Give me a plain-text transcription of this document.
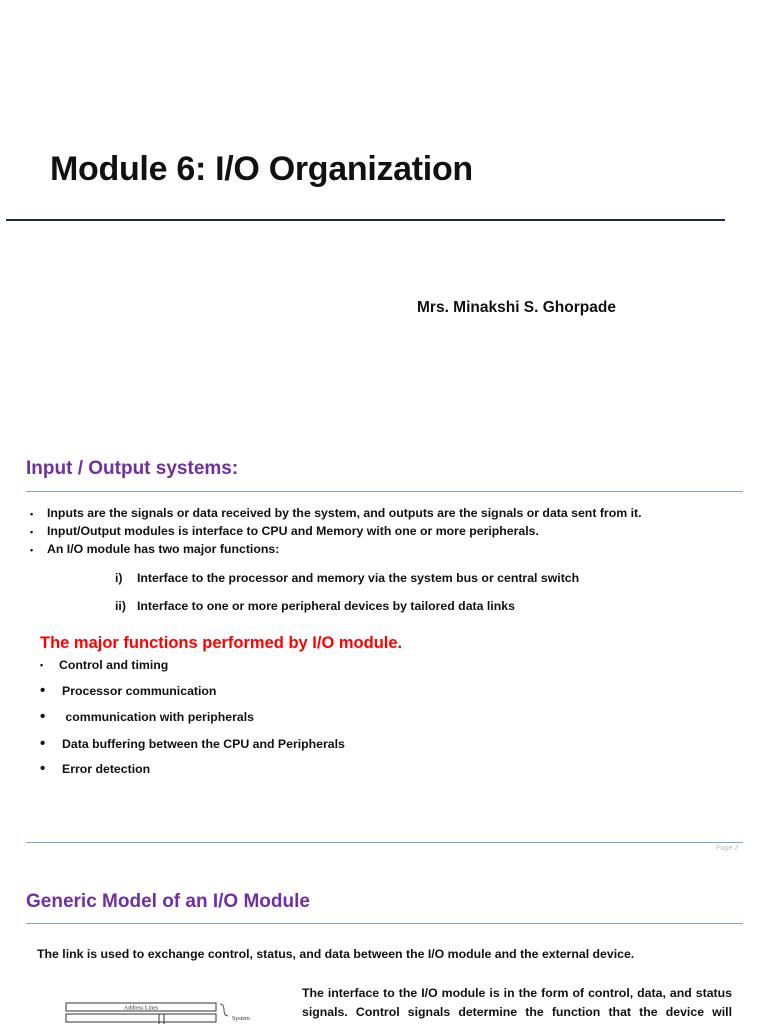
Module 6: I/O Organization
Mrs. Minakshi S. Ghorpade
Input / Output systems:
•	Inputs are the signals or data received by the system, and outputs are the signals or data sent from it.
•	Input/Output modules is interface to CPU and Memory with one or more peripherals.
•	An I/O module has two major functions:
i)	Interface to the processor and memory via the system bus or central switch
ii) Interface to one or more peripheral devices by tailored data links
The major functions performed by I/O module.
•	Control and timing
•	Processor communication
•	communication with peripherals
•	Data buffering between the CPU and Peripherals
•	Error detection
Page 2
Generic Model of an I/O Module
The link is used to exchange control, status, and data between the I/O module and the external device.
Address Lines
System
The interface to the I/O module is in the form of control, data, and status
signals. Control signals determine the function that the device will
